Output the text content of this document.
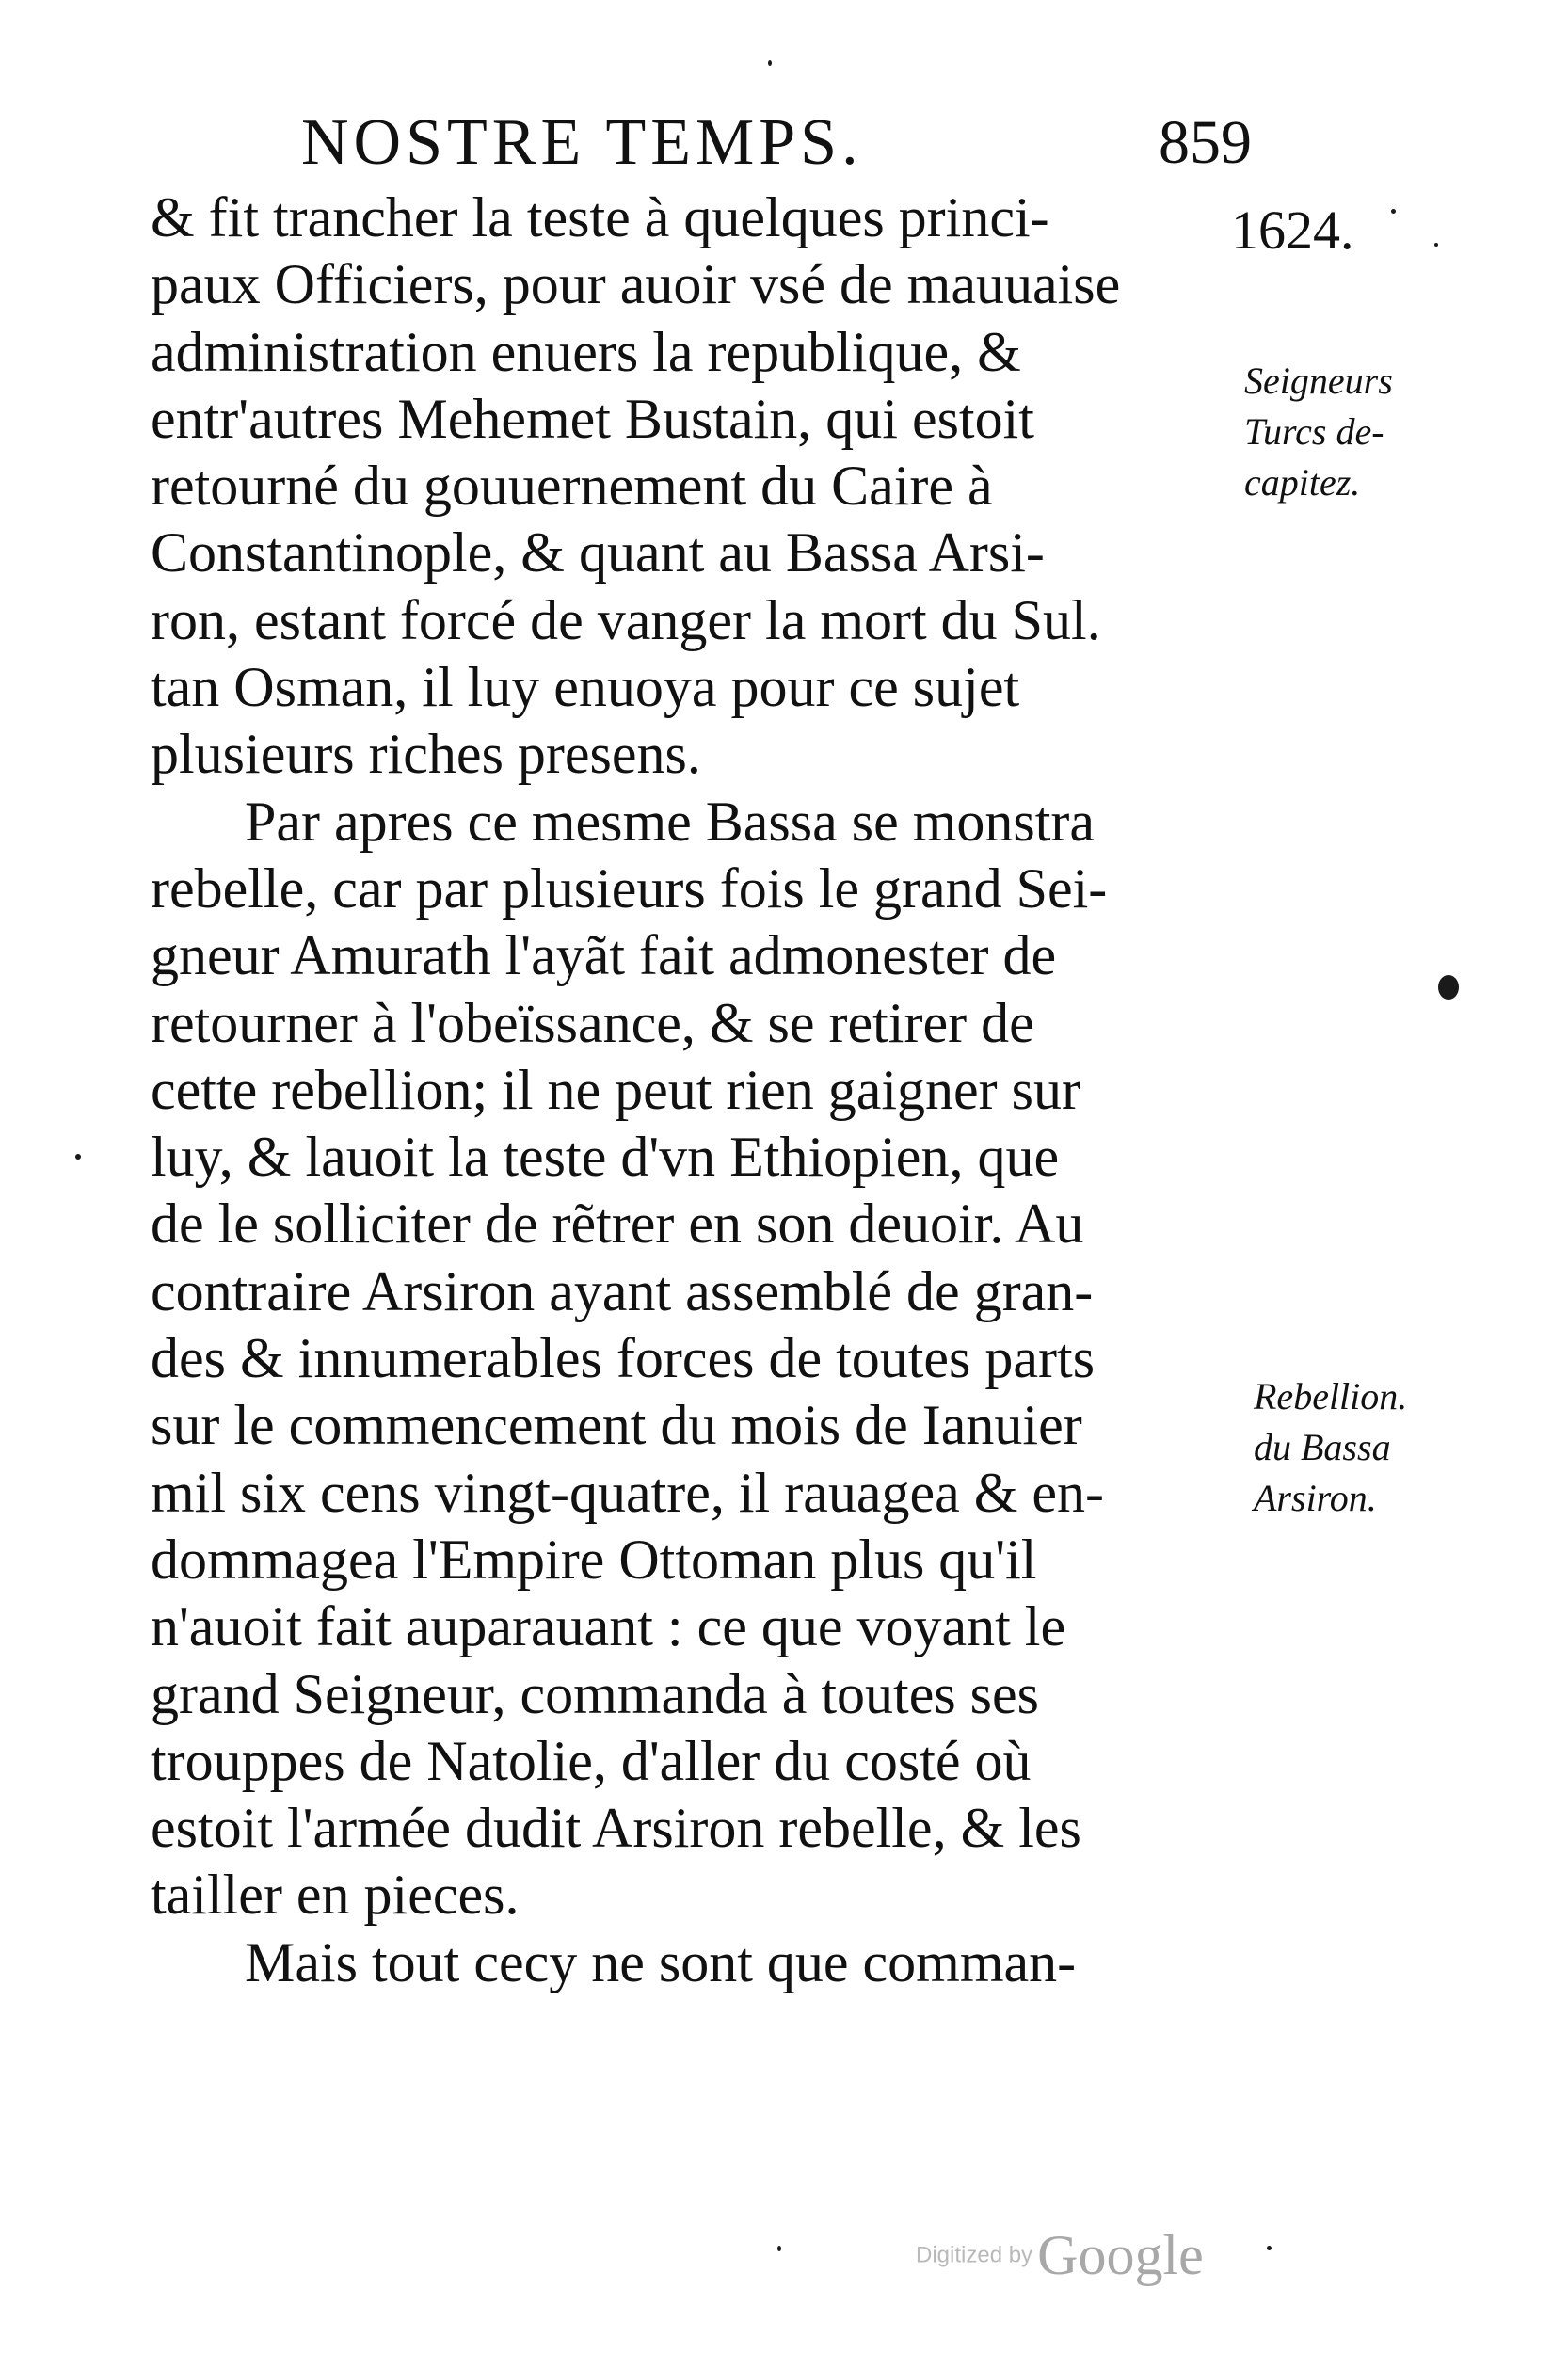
NOSTRE TEMPS.	859
& fit trancher la teste à quelques princi-
paux Officiers, pour auoir vsé de mauuaise
administration enuers la republique, &
entr'autres Mehemet Bustain, qui estoit
retourné du gouuernement du Caire à
Constantinople, & quant au Bassa Arsi-
ron, estant forcé de vanger la mort du Sul.
tan Osman, il luy enuoya pour ce sujet
plusieurs riches presens.
Par apres ce mesme Bassa se monstra
rebelle, car par plusieurs fois le grand Sei-
gneur Amurath l'ayãt fait admonester de
retourner à l'obeïssance, & se retirer de
cette rebellion; il ne peut rien gaigner sur
luy, & lauoit la teste d'vn Ethiopien, que
de le solliciter de rẽtrer en son deuoir. Au
contraire Arsiron ayant assemblé de gran-
des & innumerables forces de toutes parts
sur le commencement du mois de Ianuier
mil six cens vingt-quatre, il rauagea & en-
dommagea l'Empire Ottoman plus qu'il
n'auoit fait auparauant : ce que voyant le
grand Seigneur, commanda à toutes ses
trouppes de Natolie, d'aller du costé où
estoit l'armée dudit Arsiron rebelle, & les
tailler en pieces.
Mais tout cecy ne sont que comman-
1624.
Seigneurs
Turcs de-
capitez.
Rebellion.
du Bassa
Arsiron.
Digitized by Google
